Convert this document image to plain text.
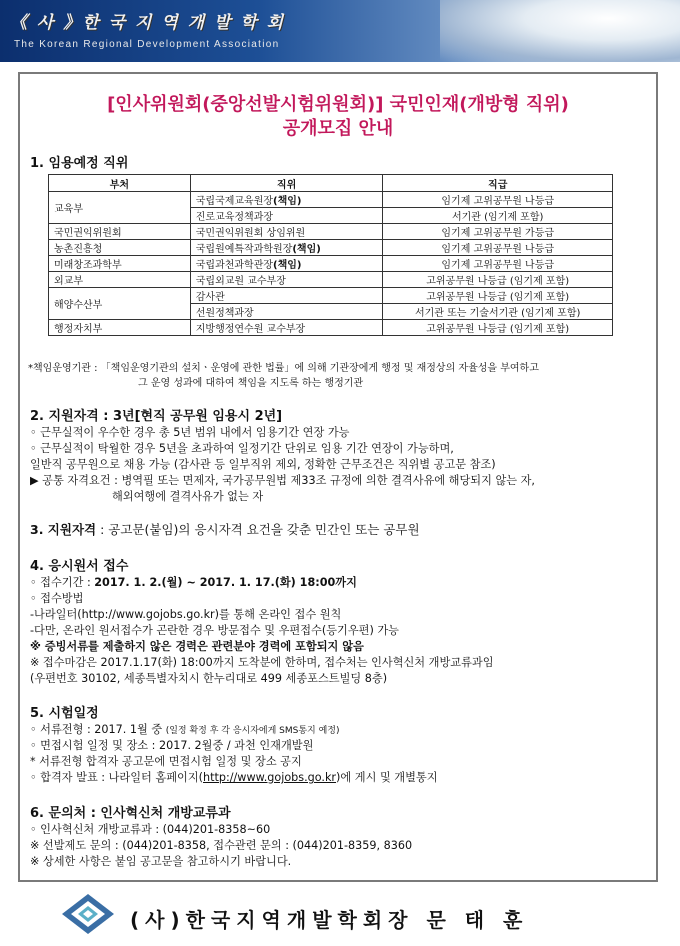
《 사 》한 국 지 역 개 발 학 회
The Korean Regional Development Association
[인사위원회(중앙선발시험위원회)] 국민인재(개방형 직위)
공개모집 안내
1. 임용예정 직위
부처	직위	직급
교육부	국립국제교육원장(책임)	임기제 고위공무원 나등급
	진로교육정책과장	서기관 (임기제 포함)
국민권익위원회	국민권익위원회 상임위원	임기제 고위공무원 가등급
농촌진흥청	국립원예특작과학원장(책임)	임기제 고위공무원 나등급
미래창조과학부	국립과천과학관장(책임)	임기제 고위공무원 나등급
외교부	국립외교원 교수부장	고위공무원 나등급 (임기제 포함)
해양수산부	감사관	고위공무원 나등급 (임기제 포함)
	선원정책과장	서기관 또는 기술서기관 (임기제 포함)
행정자치부	지방행정연수원 교수부장	고위공무원 나등급 (임기제 포함)
*책임운영기관 : 「책임운영기관의 설치ㆍ운영에 관한 법률」에 의해 기관장에게 행정 및 재정상의 자율성을 부여하고
그 운영 성과에 대하여 책임을 지도록 하는 행정기관
2. 지원자격 : 3년[현직 공무원 임용시 2년]
◦ 근무실적이 우수한 경우 총 5년 범위 내에서 임용기간 연장 가능
◦ 근무실적이 탁월한 경우 5년을 초과하여 일정기간 단위로 임용 기간 연장이 가능하며,
일반직 공무원으로 채용 가능 (감사관 등 일부직위 제외, 정확한 근무조건은 직위별 공고문 참조)
▶ 공통 자격요건 : 병역필 또는 면제자, 국가공무원법 제33조 규정에 의한 결격사유에 해당되지 않는 자,
해외여행에 결격사유가 없는 자
3. 지원자격 : 공고문(붙임)의 응시자격 요건을 갖춘 민간인 또는 공무원
4. 응시원서 접수
◦ 접수기간 : 2017. 1. 2.(월) ~ 2017. 1. 17.(화) 18:00까지
◦ 접수방법
-나라일터(http://www.gojobs.go.kr)를 통해 온라인 접수 원칙
-다만, 온라인 원서접수가 곤란한 경우 방문접수 및 우편접수(등기우편) 가능
※ 증빙서류를 제출하지 않은 경력은 관련분야 경력에 포함되지 않음
※ 접수마감은 2017.1.17(화) 18:00까지 도착분에 한하며, 접수처는 인사혁신처 개방교류과임
(우편번호 30102, 세종특별자치시 한누리대로 499 세종포스트빌딩 8층)
5. 시험일정
◦ 서류전형 : 2017. 1월 중 (일정 확정 후 각 응시자에게 SMS통지 예정)
◦ 면접시험 일정 및 장소 : 2017. 2월중 / 과천 인재개발원
* 서류전형 합격자 공고문에 면접시험 일정 및 장소 공지
◦ 합격자 발표 : 나라일터 홈페이지(http://www.gojobs.go.kr)에 게시 및 개별통지
6. 문의처 : 인사혁신처 개방교류과
◦ 인사혁신처 개방교류과 : (044)201-8358~60
※ 선발제도 문의 : (044)201-8358, 접수관련 문의 : (044)201-8359, 8360
※ 상세한 사항은 붙임 공고문을 참고하시기 바랍니다.
(사)한국지역개발학회장 문 태 훈
